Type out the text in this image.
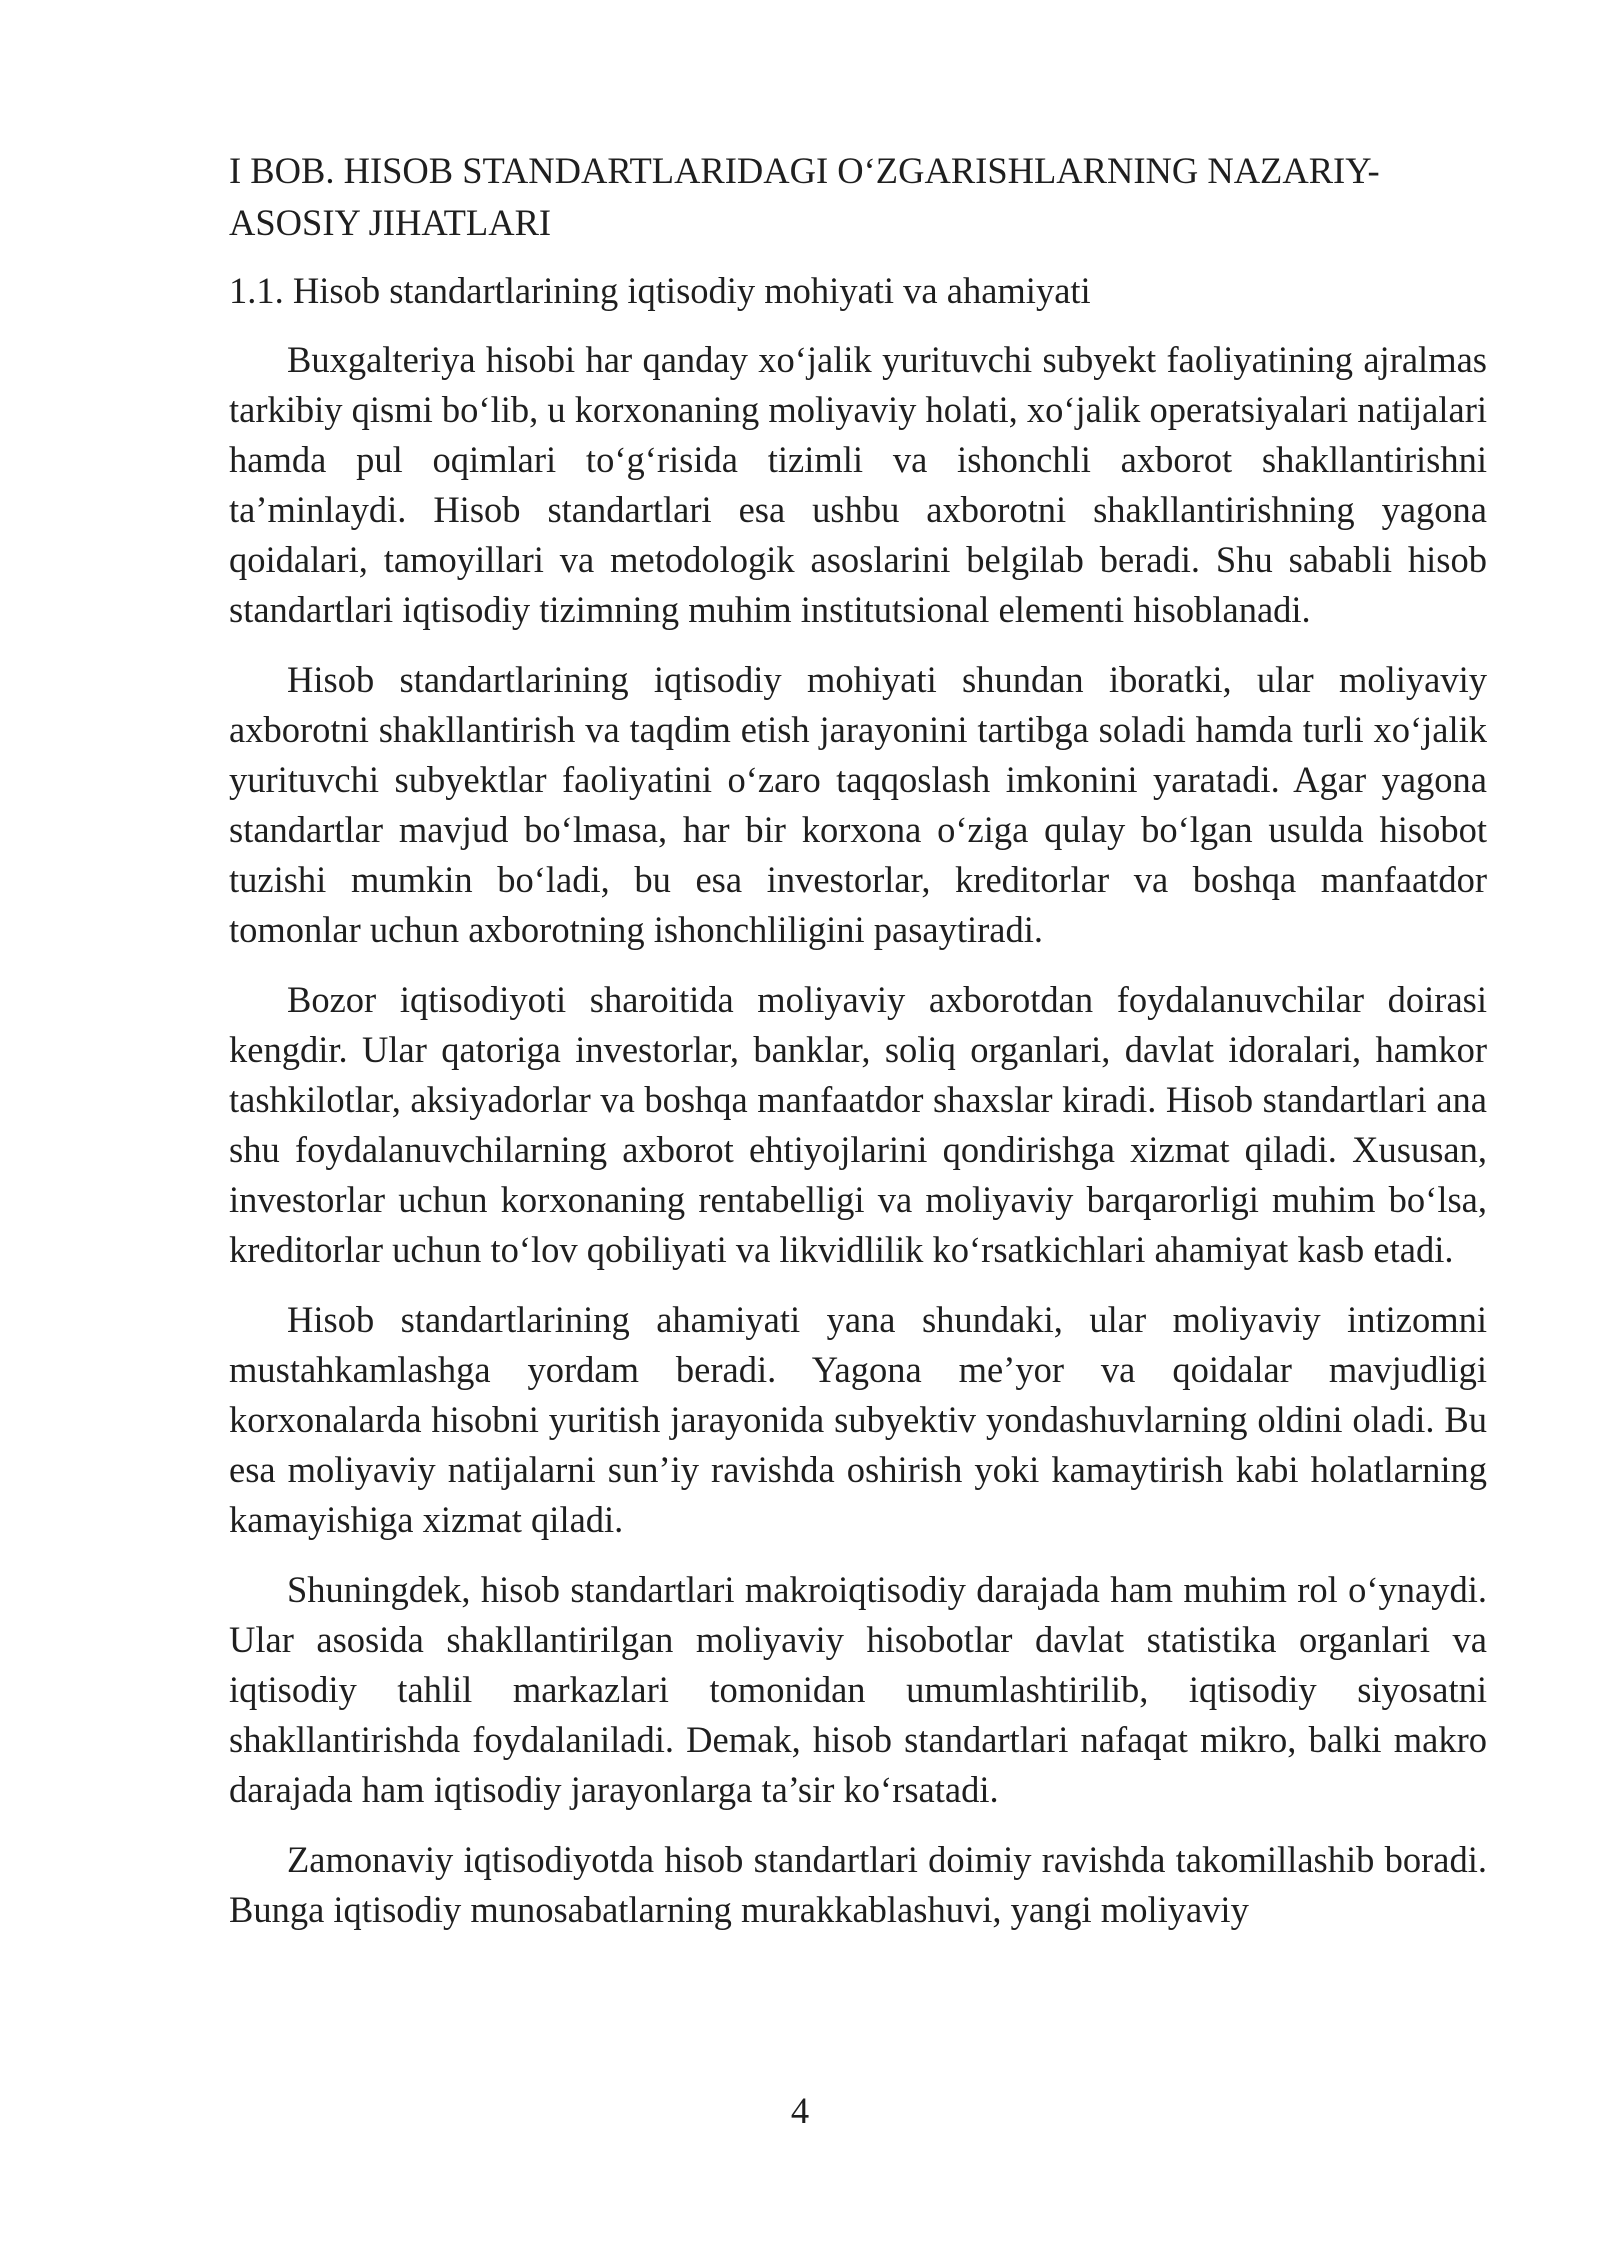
I BOB. HISOB STANDARTLARIDAGI O‘ZGARISHLARNING NAZARIY-ASOSIY JIHATLARI
1.1. Hisob standartlarining iqtisodiy mohiyati va ahamiyati

Buxgalteriya hisobi har qanday xo‘jalik yurituvchi subyekt faoliyatining ajralmas tarkibiy qismi bo‘lib, u korxonaning moliyaviy holati, xo‘jalik operatsiyalari natijalari hamda pul oqimlari to‘g‘risida tizimli va ishonchli axborot shakllantirishni ta’minlaydi. Hisob standartlari esa ushbu axborotni shakllantirishning yagona qoidalari, tamoyillari va metodologik asoslarini belgilab beradi. Shu sababli hisob standartlari iqtisodiy tizimning muhim institutsional elementi hisoblanadi.

Hisob standartlarining iqtisodiy mohiyati shundan iboratki, ular moliyaviy axborotni shakllantirish va taqdim etish jarayonini tartibga soladi hamda turli xo‘jalik yurituvchi subyektlar faoliyatini o‘zaro taqqoslash imkonini yaratadi. Agar yagona standartlar mavjud bo‘lmasa, har bir korxona o‘ziga qulay bo‘lgan usulda hisobot tuzishi mumkin bo‘ladi, bu esa investorlar, kreditorlar va boshqa manfaatdor tomonlar uchun axborotning ishonchliligini pasaytiradi.

Bozor iqtisodiyoti sharoitida moliyaviy axborotdan foydalanuvchilar doirasi kengdir. Ular qatoriga investorlar, banklar, soliq organlari, davlat idoralari, hamkor tashkilotlar, aksiyadorlar va boshqa manfaatdor shaxslar kiradi. Hisob standartlari ana shu foydalanuvchilarning axborot ehtiyojlarini qondirishga xizmat qiladi. Xususan, investorlar uchun korxonaning rentabelligi va moliyaviy barqarorligi muhim bo‘lsa, kreditorlar uchun to‘lov qobiliyati va likvidlilik ko‘rsatkichlari ahamiyat kasb etadi.

Hisob standartlarining ahamiyati yana shundaki, ular moliyaviy intizomni mustahkamlashga yordam beradi. Yagona me’yor va qoidalar mavjudligi korxonalarda hisobni yuritish jarayonida subyektiv yondashuvlarning oldini oladi. Bu esa moliyaviy natijalarni sun’iy ravishda oshirish yoki kamaytirish kabi holatlarning kamayishiga xizmat qiladi.

Shuningdek, hisob standartlari makroiqtisodiy darajada ham muhim rol o‘ynaydi. Ular asosida shakllantirilgan moliyaviy hisobotlar davlat statistika organlari va iqtisodiy tahlil markazlari tomonidan umumlashtirilib, iqtisodiy siyosatni shakllantirishda foydalaniladi. Demak, hisob standartlari nafaqat mikro, balki makro darajada ham iqtisodiy jarayonlarga ta’sir ko‘rsatadi.

Zamonaviy iqtisodiyotda hisob standartlari doimiy ravishda takomillashib boradi. Bunga iqtisodiy munosabatlarning murakkablashuvi, yangi moliyaviy

4
